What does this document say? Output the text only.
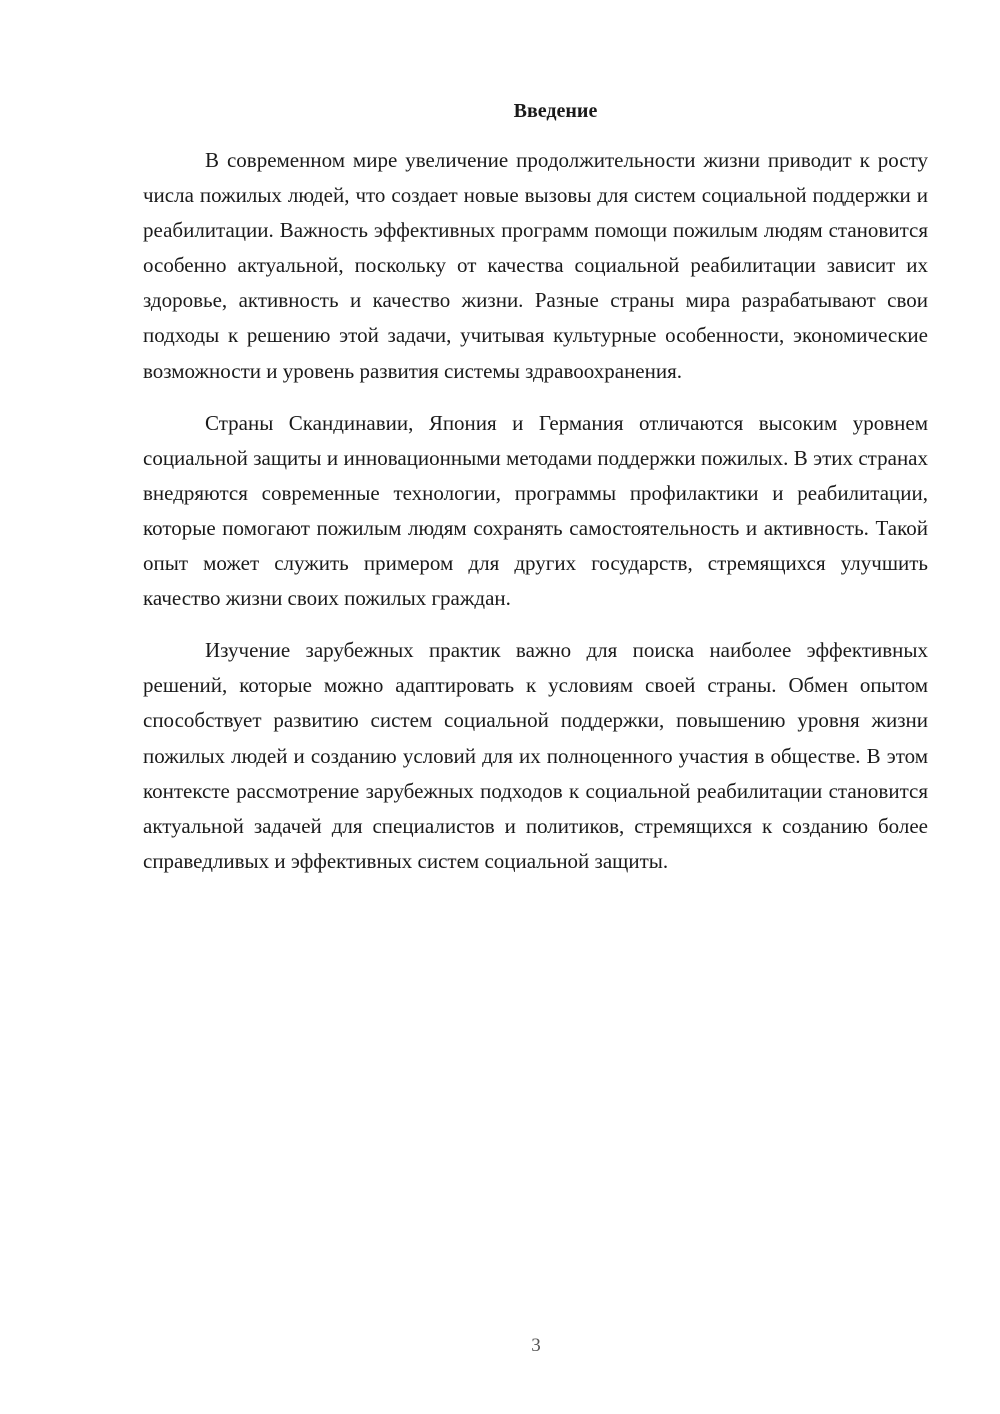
Введение

В современном мире увеличение продолжительности жизни приводит к росту числа пожилых людей, что создает новые вызовы для систем социальной поддержки и реабилитации. Важность эффективных программ помощи пожилым людям становится особенно актуальной, поскольку от качества социальной реабилитации зависит их здоровье, активность и качество жизни. Разные страны мира разрабатывают свои подходы к решению этой задачи, учитывая культурные особенности, экономические возможности и уровень развития системы здравоохранения.

Страны Скандинавии, Япония и Германия отличаются высоким уровнем социальной защиты и инновационными методами поддержки пожилых. В этих странах внедряются современные технологии, программы профилактики и реабилитации, которые помогают пожилым людям сохранять самостоятельность и активность. Такой опыт может служить примером для других государств, стремящихся улучшить качество жизни своих пожилых граждан.

Изучение зарубежных практик важно для поиска наиболее эффективных решений, которые можно адаптировать к условиям своей страны. Обмен опытом способствует развитию систем социальной поддержки, повышению уровня жизни пожилых людей и созданию условий для их полноценного участия в обществе. В этом контексте рассмотрение зарубежных подходов к социальной реабилитации становится актуальной задачей для специалистов и политиков, стремящихся к созданию более справедливых и эффективных систем социальной защиты.

3
